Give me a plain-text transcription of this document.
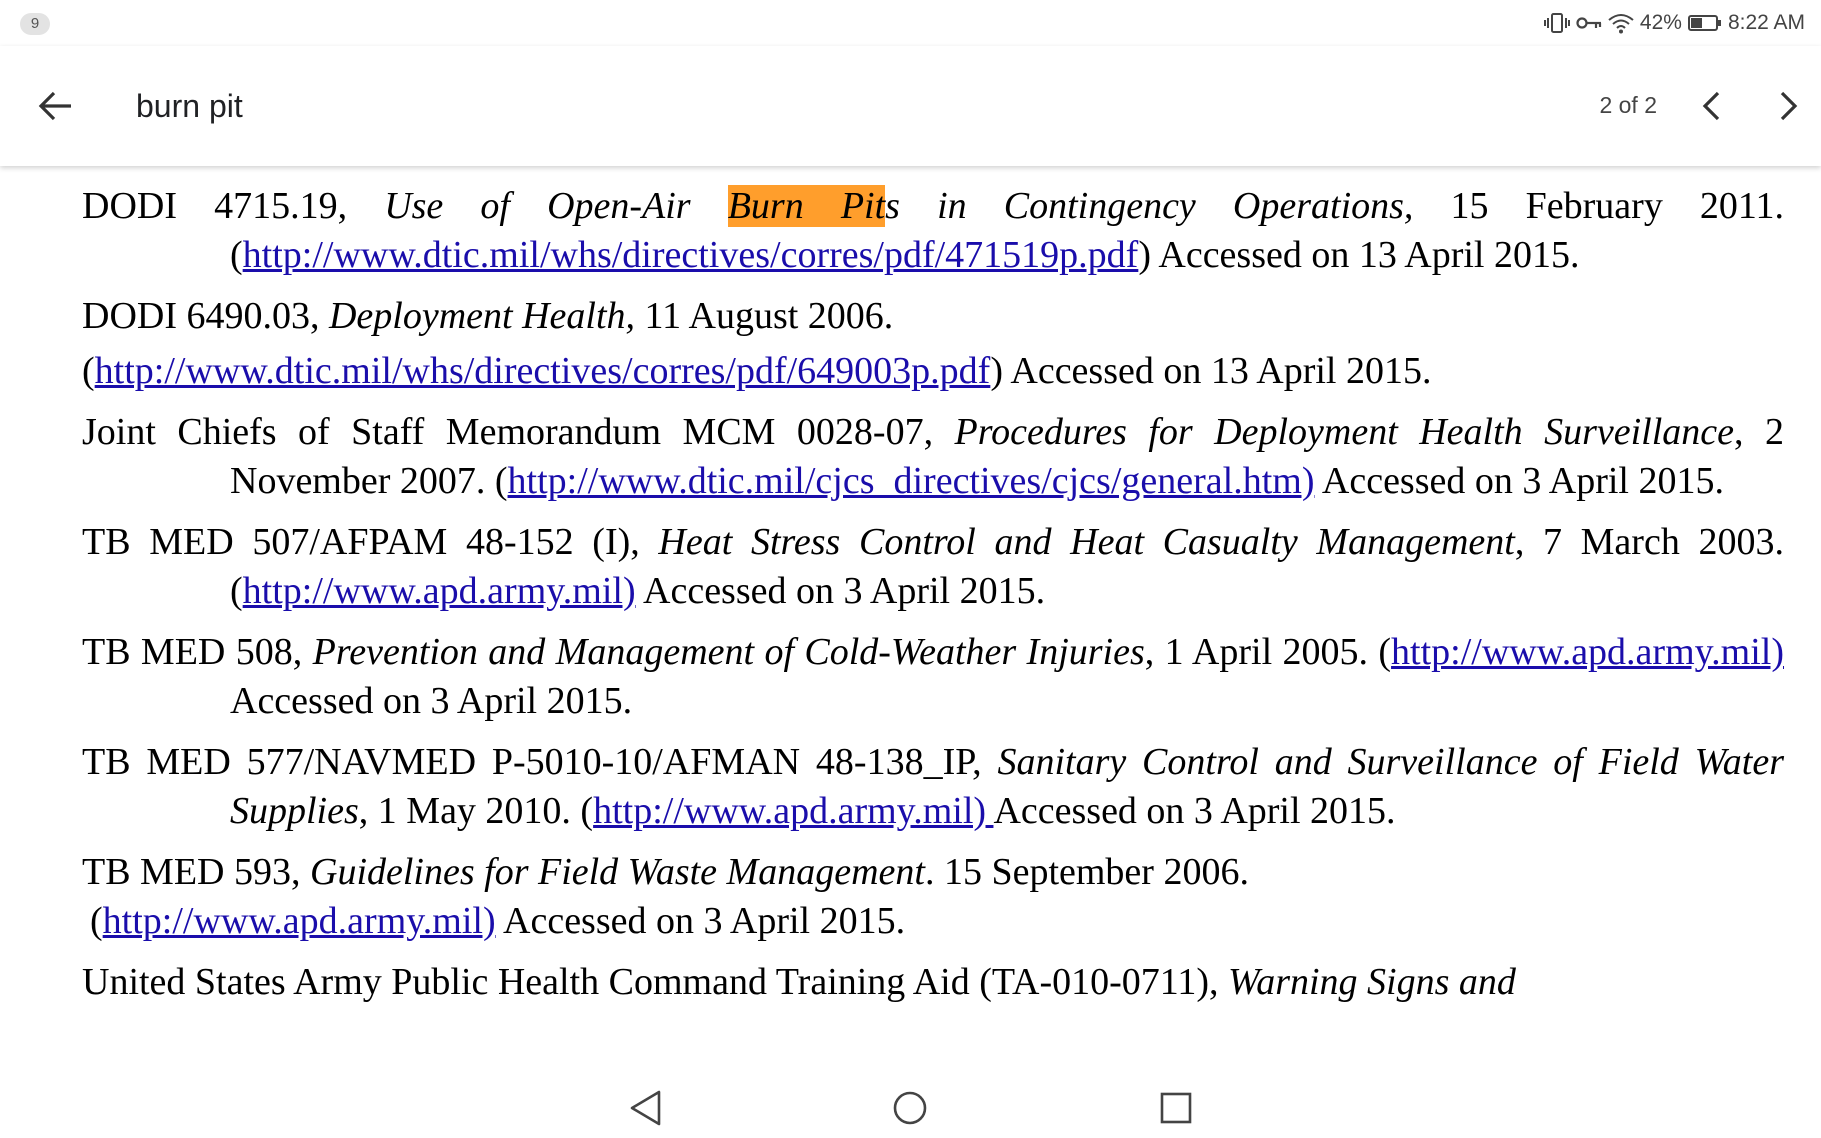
9	42% 8:22 AM
burn pit
2 of 2

DODI 4715.19, Use of Open-Air Burn Pits in Contingency Operations, 15 February 2011. (http://www.dtic.mil/whs/directives/corres/pdf/471519p.pdf) Accessed on 13 April 2015.

DODI 6490.03, Deployment Health, 11 August 2006.
(http://www.dtic.mil/whs/directives/corres/pdf/649003p.pdf) Accessed on 13 April 2015.

Joint Chiefs of Staff Memorandum MCM 0028-07, Procedures for Deployment Health Surveillance, 2 November 2007. (http://www.dtic.mil/cjcs_directives/cjcs/general.htm) Accessed on 3 April 2015.

TB MED 507/AFPAM 48-152 (I), Heat Stress Control and Heat Casualty Management, 7 March 2003. (http://www.apd.army.mil) Accessed on 3 April 2015.

TB MED 508, Prevention and Management of Cold-Weather Injuries, 1 April 2005. (http://www.apd.army.mil) Accessed on 3 April 2015.

TB MED 577/NAVMED P-5010-10/AFMAN 48-138_IP, Sanitary Control and Surveillance of Field Water Supplies, 1 May 2010. (http://www.apd.army.mil) Accessed on 3 April 2015.

TB MED 593, Guidelines for Field Waste Management. 15 September 2006.
(http://www.apd.army.mil) Accessed on 3 April 2015.

United States Army Public Health Command Training Aid (TA-010-0711), Warning Signs and
